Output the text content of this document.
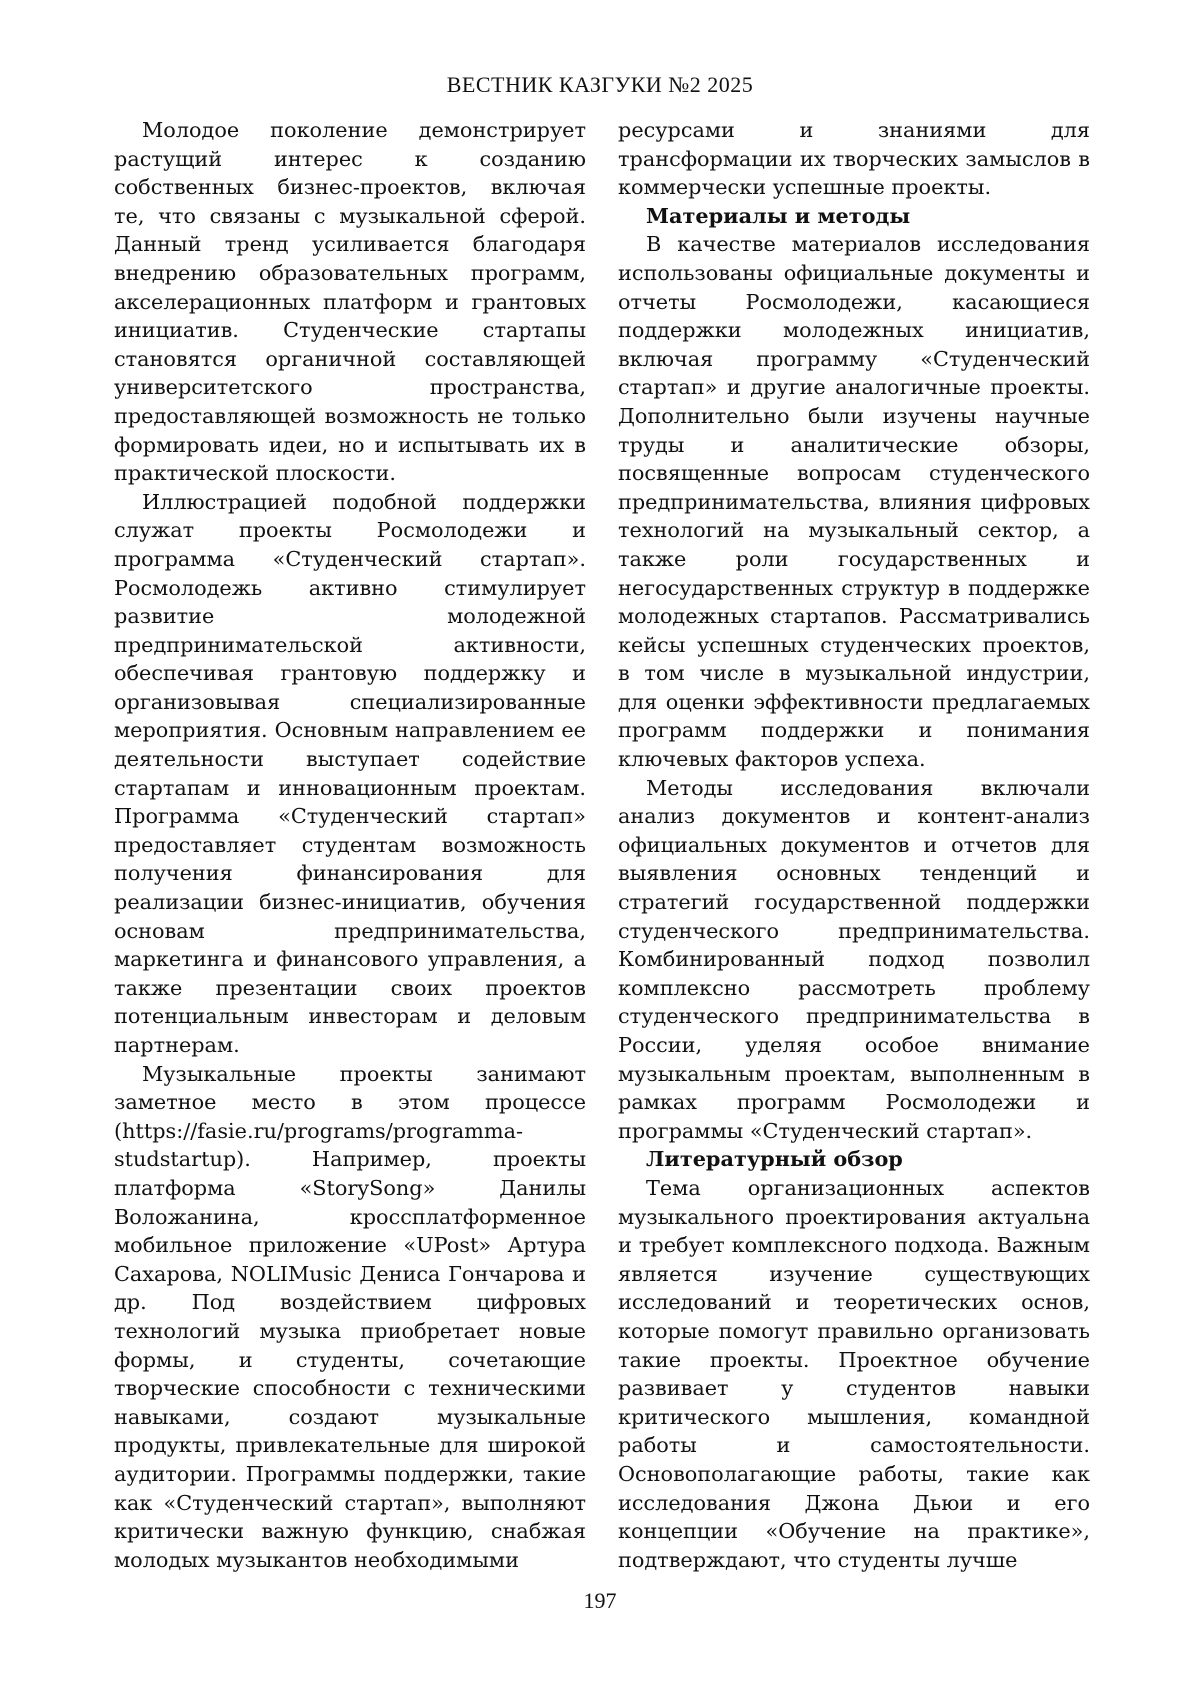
ВЕСТНИК КАЗГУКИ №2 2025

Молодое поколение демонстрирует растущий интерес к созданию собственных бизнес-проектов, включая те, что связаны с музыкальной сферой. Данный тренд усиливается благодаря внедрению образовательных программ, акселерационных платформ и грантовых инициатив. Студенческие стартапы становятся органичной составляющей университетского пространства, предоставляющей возможность не только формировать идеи, но и испытывать их в практической плоскости.

Иллюстрацией подобной поддержки служат проекты Росмолодежи и программа «Студенческий стартап». Росмолодежь активно стимулирует развитие молодежной предпринимательской активности, обеспечивая грантовую поддержку и организовывая специализированные мероприятия. Основным направлением ее деятельности выступает содействие стартапам и инновационным проектам. Программа «Студенческий стартап» предоставляет студентам возможность получения финансирования для реализации бизнес-инициатив, обучения основам предпринимательства, маркетинга и финансового управления, а также презентации своих проектов потенциальным инвесторам и деловым партнерам.

Музыкальные проекты занимают заметное место в этом процессе (https://fasie.ru/programs/programma-studstartup). Например, проекты платформа «StorySong» Данилы Воложанина, кроссплатформенное мобильное приложение «UPost» Артура Сахарова, NOLIMusic Дениса Гончарова и др. Под воздействием цифровых технологий музыка приобретает новые формы, и студенты, сочетающие творческие способности с техническими навыками, создают музыкальные продукты, привлекательные для широкой аудитории. Программы поддержки, такие как «Студенческий стартап», выполняют критически важную функцию, снабжая молодых музыкантов необходимыми

ресурсами и знаниями для трансформации их творческих замыслов в коммерчески успешные проекты.

Материалы и методы

В качестве материалов исследования использованы официальные документы и отчеты Росмолодежи, касающиеся поддержки молодежных инициатив, включая программу «Студенческий стартап» и другие аналогичные проекты. Дополнительно были изучены научные труды и аналитические обзоры, посвященные вопросам студенческого предпринимательства, влияния цифровых технологий на музыкальный сектор, а также роли государственных и негосударственных структур в поддержке молодежных стартапов. Рассматривались кейсы успешных студенческих проектов, в том числе в музыкальной индустрии, для оценки эффективности предлагаемых программ поддержки и понимания ключевых факторов успеха.

Методы исследования включали анализ документов и контент-анализ официальных документов и отчетов для выявления основных тенденций и стратегий государственной поддержки студенческого предпринимательства. Комбинированный подход позволил комплексно рассмотреть проблему студенческого предпринимательства в России, уделяя особое внимание музыкальным проектам, выполненным в рамках программ Росмолодежи и программы «Студенческий стартап».

Литературный обзор

Тема организационных аспектов музыкального проектирования актуальна и требует комплексного подхода. Важным является изучение существующих исследований и теоретических основ, которые помогут правильно организовать такие проекты. Проектное обучение развивает у студентов навыки критического мышления, командной работы и самостоятельности. Основополагающие работы, такие как исследования Джона Дьюи и его концепции «Обучение на практике», подтверждают, что студенты лучше

197
